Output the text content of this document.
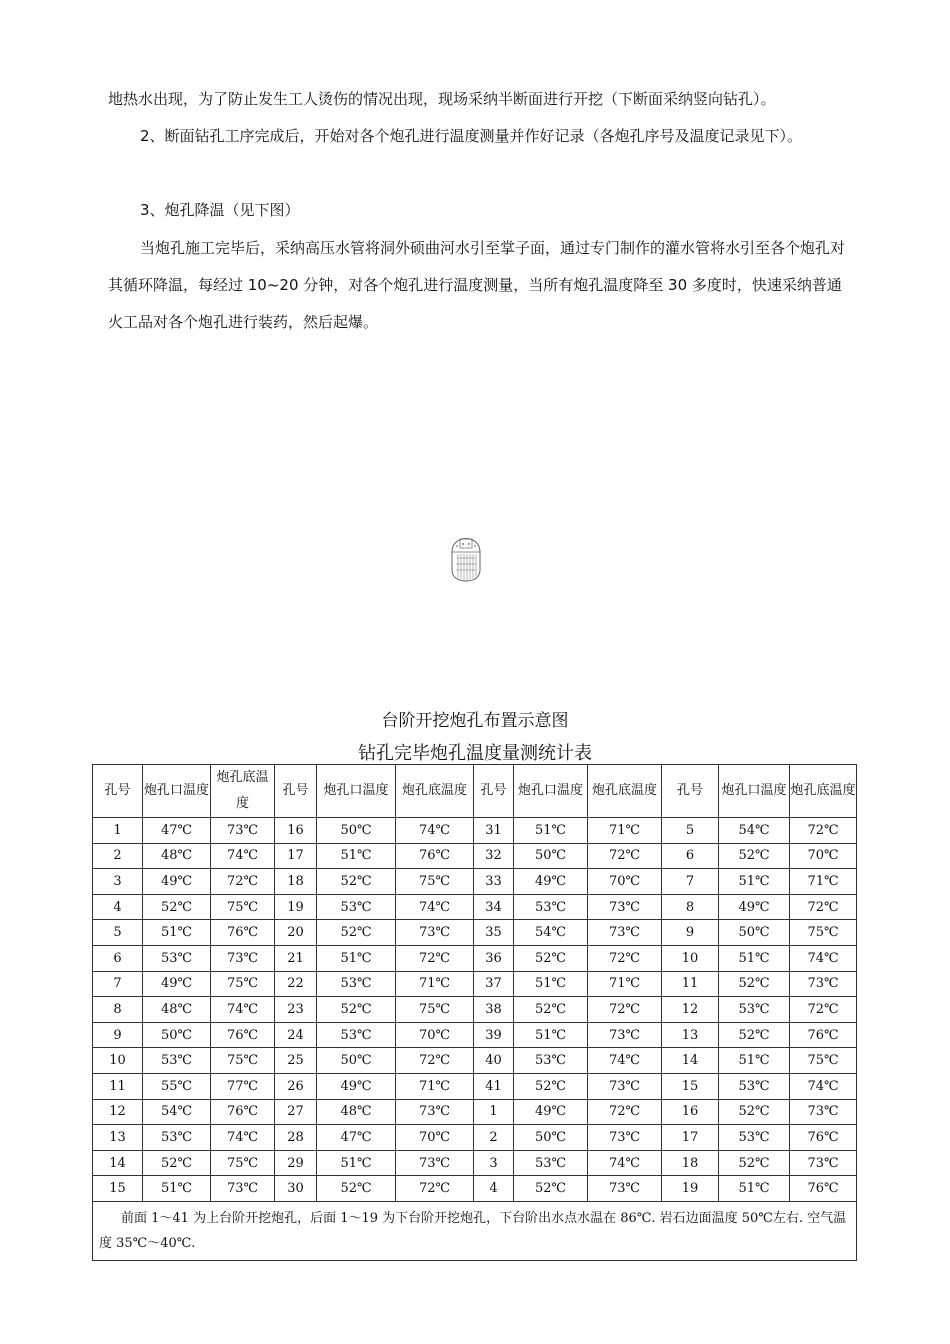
地热水出现，为了防止发生工人烫伤的情况出现，现场采纳半断面进行开挖（下断面采纳竖向钻孔）。

2、断面钻孔工序完成后，开始对各个炮孔进行温度测量并作好记录（各炮孔序号及温度记录见下）。

3、炮孔降温（见下图）

当炮孔施工完毕后，采纳高压水管将洞外硕曲河水引至掌子面，通过专门制作的灌水管将水引至各个炮孔对其循环降温，每经过 10~20 分钟，对各个炮孔进行温度测量，当所有炮孔温度降至 30 多度时，快速采纳普通火工品对各个炮孔进行装药，然后起爆。

台阶开挖炮孔布置示意图
钻孔完毕炮孔温度量测统计表
孔号	炮孔口温度	炮孔底温度	孔号	炮孔口温度	炮孔底温度	孔号	炮孔口温度	炮孔底温度	孔号	炮孔口温度	炮孔底温度
1	47℃	73℃	16	50℃	74℃	31	51℃	71℃	5	54℃	72℃
2	48℃	74℃	17	51℃	76℃	32	50℃	72℃	6	52℃	70℃
3	49℃	72℃	18	52℃	75℃	33	49℃	70℃	7	51℃	71℃
4	52℃	75℃	19	53℃	74℃	34	53℃	73℃	8	49℃	72℃
5	51℃	76℃	20	52℃	73℃	35	54℃	73℃	9	50℃	75℃
6	53℃	73℃	21	51℃	72℃	36	52℃	72℃	10	51℃	74℃
7	49℃	75℃	22	53℃	71℃	37	51℃	71℃	11	52℃	73℃
8	48℃	74℃	23	52℃	75℃	38	52℃	72℃	12	53℃	72℃
9	50℃	76℃	24	53℃	70℃	39	51℃	73℃	13	52℃	76℃
10	53℃	75℃	25	50℃	72℃	40	53℃	74℃	14	51℃	75℃
11	55℃	77℃	26	49℃	71℃	41	52℃	73℃	15	53℃	74℃
12	54℃	76℃	27	48℃	73℃	1	49℃	72℃	16	52℃	73℃
13	53℃	74℃	28	47℃	70℃	2	50℃	73℃	17	53℃	76℃
14	52℃	75℃	29	51℃	73℃	3	53℃	74℃	18	52℃	73℃
15	51℃	73℃	30	52℃	72℃	4	52℃	73℃	19	51℃	76℃
前面 1～41 为上台阶开挖炮孔，后面 1～19 为下台阶开挖炮孔，下台阶出水点水温在 86℃. 岩石边面温度 50℃左右. 空气温度 35℃～40℃.											
